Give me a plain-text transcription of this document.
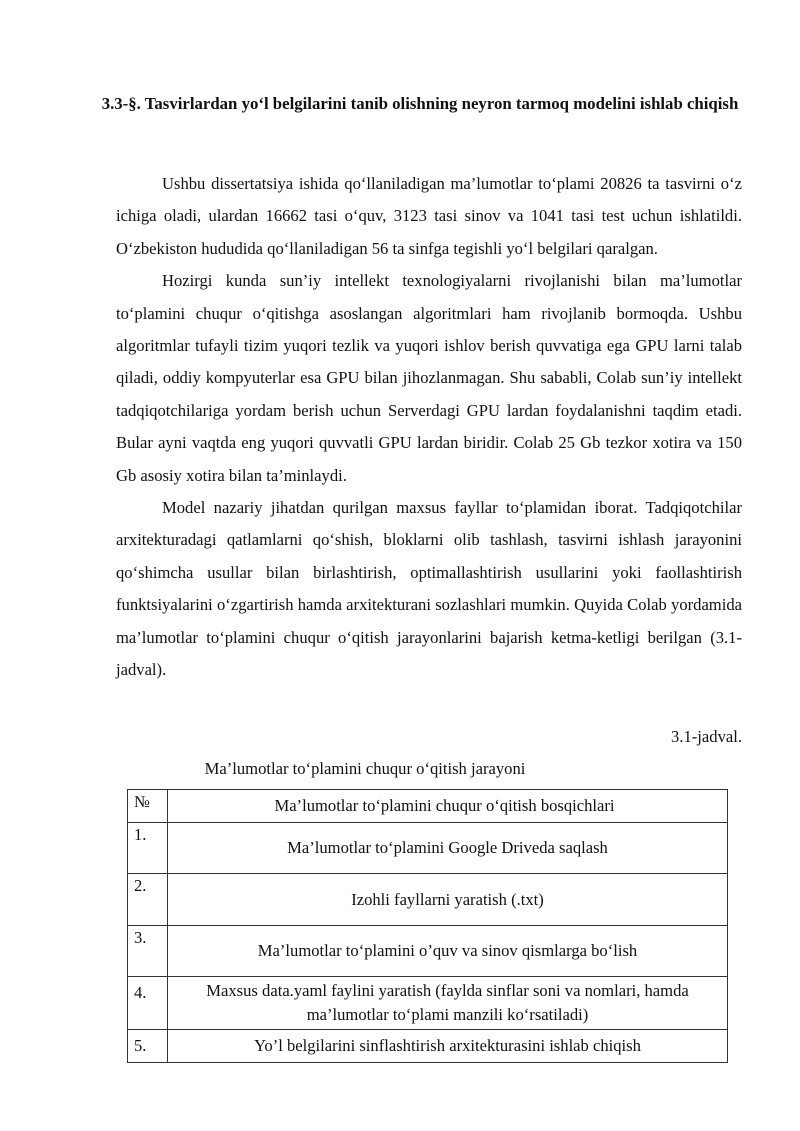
3.3-§. Tasvirlardan yo‘l belgilarini tanib olishning neyron tarmoq modelini ishlab chiqish

Ushbu dissertatsiya ishida qo‘llaniladigan ma’lumotlar to‘plami 20826 ta tasvirni o‘z ichiga oladi, ulardan 16662 tasi o‘quv, 3123 tasi sinov va 1041 tasi test uchun ishlatildi. O‘zbekiston hududida qo‘llaniladigan 56 ta sinfga tegishli yo‘l belgilari qaralgan.

Hozirgi kunda sun’iy intellekt texnologiyalarni rivojlanishi bilan ma’lumotlar to‘plamini chuqur o‘qitishga asoslangan algoritmlari ham rivojlanib bormoqda. Ushbu algoritmlar tufayli tizim yuqori tezlik va yuqori ishlov berish quvvatiga ega GPU larni talab qiladi, oddiy kompyuterlar esa GPU bilan jihozlanmagan. Shu sababli, Colab sun’iy intellekt tadqiqotchilariga yordam berish uchun Serverdagi GPU lardan foydalanishni taqdim etadi. Bular ayni vaqtda eng yuqori quvvatli GPU lardan biridir. Colab 25 Gb tezkor xotira va 150 Gb asosiy xotira bilan ta’minlaydi.

Model nazariy jihatdan qurilgan maxsus fayllar to‘plamidan iborat. Tadqiqotchilar arxitekturadagi qatlamlarni qo‘shish, bloklarni olib tashlash, tasvirni ishlash jarayonini qo‘shimcha usullar bilan birlashtirish, optimallashtirish usullarini yoki faollashtirish funktsiyalarini o‘zgartirish hamda arxitekturani sozlashlari mumkin. Quyida Colab yordamida ma’lumotlar to‘plamini chuqur o‘qitish jarayonlarini bajarish ketma-ketligi berilgan (3.1-jadval).

3.1-jadval.
Ma’lumotlar to‘plamini chuqur o‘qitish jarayoni
№	Ma’lumotlar to‘plamini chuqur o‘qitish bosqichlari
1.	Ma’lumotlar to‘plamini Google Driveda saqlash
2.	Izohli fayllarni yaratish (.txt)
3.	Ma’lumotlar to‘plamini o’quv va sinov qismlarga bo‘lish
4.	Maxsus data.yaml faylini yaratish (faylda sinflar soni va nomlari, hamda ma’lumotlar to‘plami manzili ko‘rsatiladi)
5.	Yo’l belgilarini sinflashtirish arxitekturasini ishlab chiqish
